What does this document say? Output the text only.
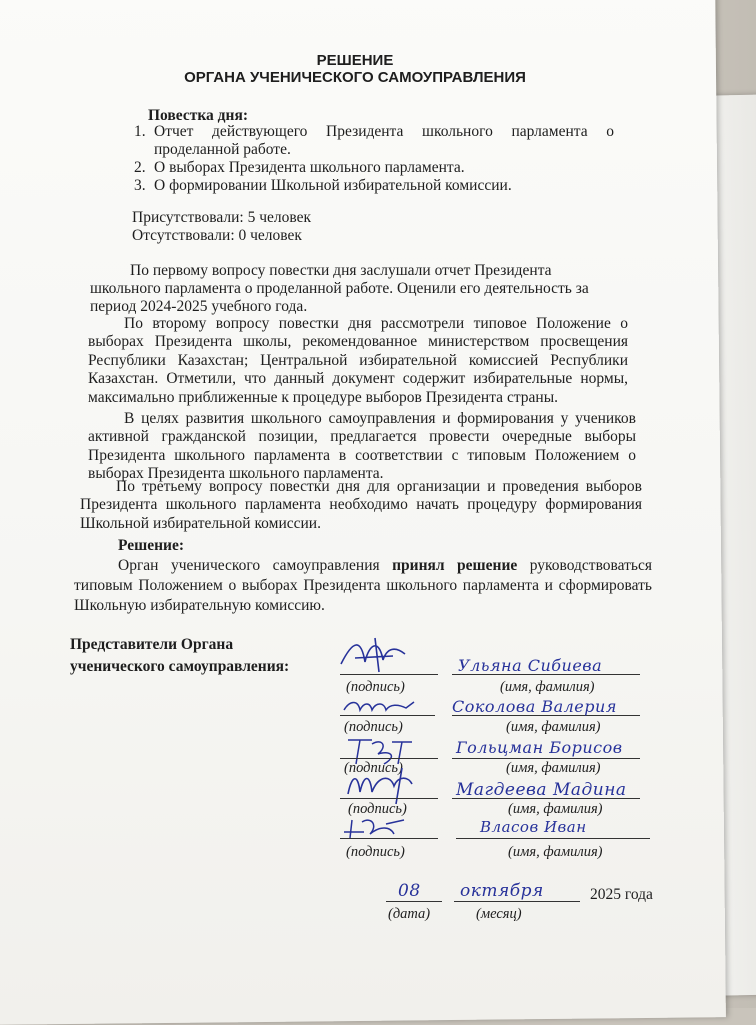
РЕШЕНИЕ
ОРГАНА УЧЕНИЧЕСКОГО САМОУПРАВЛЕНИЯ
Повестка дня:
1. Отчет действующего Президента школьного парламента о проделанной работе.
2. О выборах Президента школьного парламента.
3. О формировании Школьной избирательной комиссии.
Присутствовали: 5 человек
Отсутствовали: 0 человек
По первому вопросу повестки дня заслушали отчет Президента
школьного парламента о проделанной работе. Оценили его деятельность за
период 2024-2025 учебного года.

По второму вопросу повестки дня рассмотрели типовое Положение о выборах Президента школы, рекомендованное министерством просвещения Республики Казахстан; Центральной избирательной комиссией Республики Казахстан. Отметили, что данный документ содержит избирательные нормы, максимально приближенные к процедуре выборов Президента страны.

В целях развития школьного самоуправления и формирования у учеников активной гражданской позиции, предлагается провести очередные выборы Президента школьного парламента в соответствии с типовым Положением о выборах Президента школьного парламента.

По третьему вопросу повестки дня для организации и проведения выборов Президента школьного парламента необходимо начать процедуру формирования Школьной избирательной комиссии.

Решение:

Орган ученического самоуправления принял решение руководствоваться типовым Положением о выборах Президента школьного парламента и сформировать Школьную избирательную комиссию.

Представители Органа
ученического самоуправления:	Ульяна Сибиева
(подпись)	(имя, фамилия)
Соколова Валерия
(подпись)	(имя, фамилия)
Гольцман Борисов
(подпись)	(имя, фамилия)
Магдеева Мадина
(подпись)	(имя, фамилия)
Власов Иван
(подпись)	(имя, фамилия)
08 октября	2025 года
(дата)	(месяц)
